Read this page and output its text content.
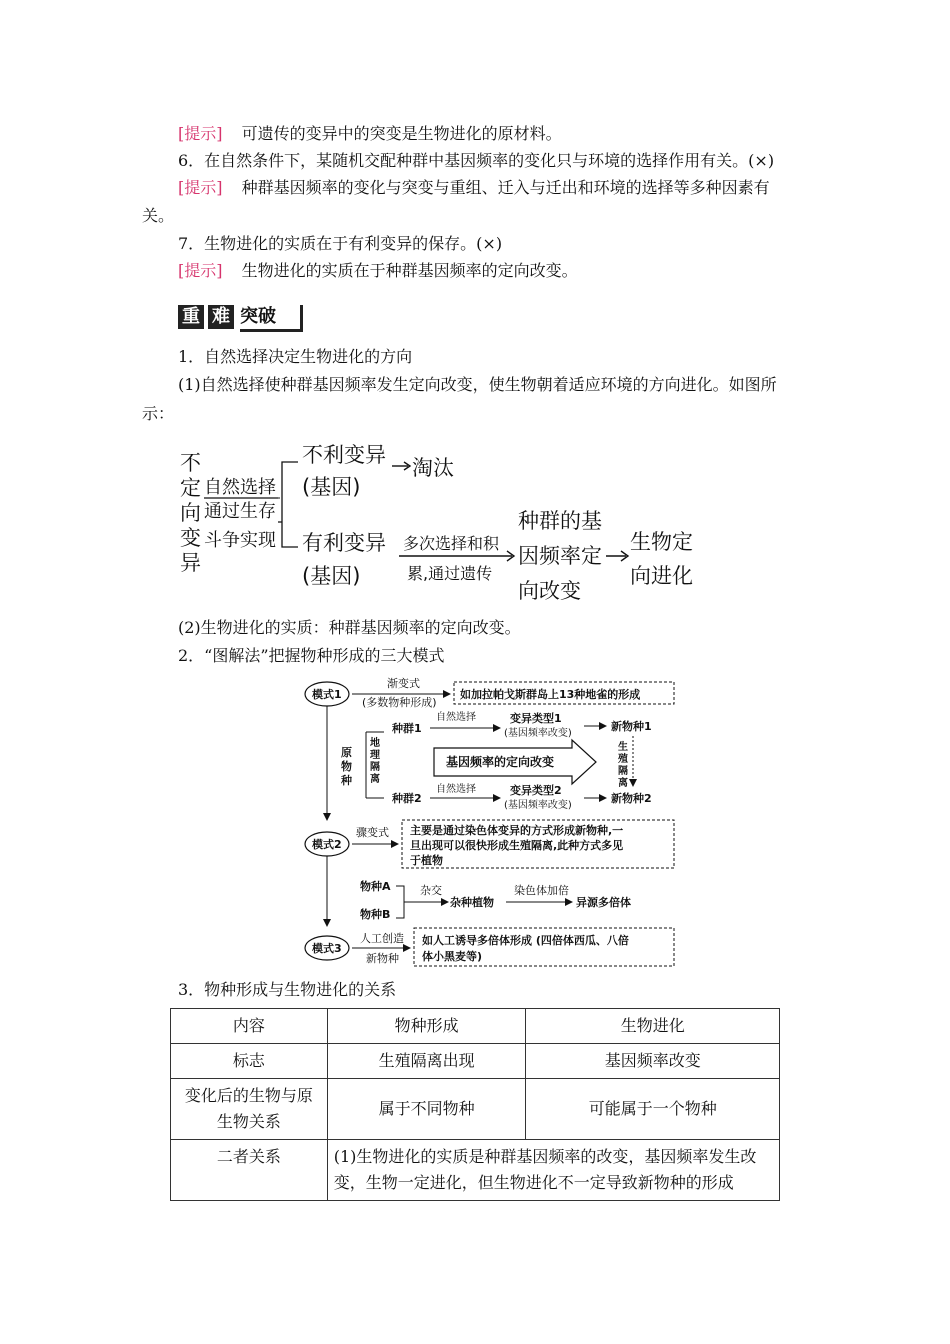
[提示] 可遗传的变异中的突变是生物进化的原材料。
6．在自然条件下，某随机交配种群中基因频率的变化只与环境的选择作用有关。(×)
[提示] 种群基因频率的变化与突变与重组、迁入与迁出和环境的选择等多种因素有
关。
7．生物进化的实质在于有利变异的保存。(×)
[提示] 生物进化的实质在于种群基因频率的定向改变。
重 难 突破
1．自然选择决定生物进化的方向
(1)自然选择使种群基因频率发生定向改变，使生物朝着适应环境的方向进化。如图所
示：
不
定
向
变
异
自然选择
通过生存
斗争实现
不利变异
(基因)
有利变异
(基因)
淘汰
多次选择和积
累,通过遗传
种群的基
因频率定
向改变
生物定
向进化
(2)生物进化的实质：种群基因频率的定向改变。
2．“图解法”把握物种形成的三大模式
模式1
渐变式
(多数物种形成)
如加拉帕戈斯群岛上13种地雀的形成
原
物
种
地
理
隔
离
种群1
种群2
自然选择
自然选择
变异类型1
(基因频率改变)
变异类型2
(基因频率改变)
新物种1
新物种2
生
殖
隔
离
基因频率的定向改变
模式2
骤变式 主要是通过染色体变异的方式形成新物种,一
旦出现可以很快形成生殖隔离,此种方式多见
于植物
物种A
物种B
杂交
杂种植物
染色体加倍
异源多倍体
模式3
人工创造
新物种
如人工诱导多倍体形成 (四倍体西瓜、八倍
体小黑麦等)
3．物种形成与生物进化的关系
内容	物种形成	生物进化
标志	生殖隔离出现	基因频率改变

变化后的生物与原
生物关系	属于不同物种	可能属于一个物种
二者关系	(1)生物进化的实质是种群基因频率的改变，基因频率发生改变，生物一定进化，但生物进化不一定导致新物种的形成	
